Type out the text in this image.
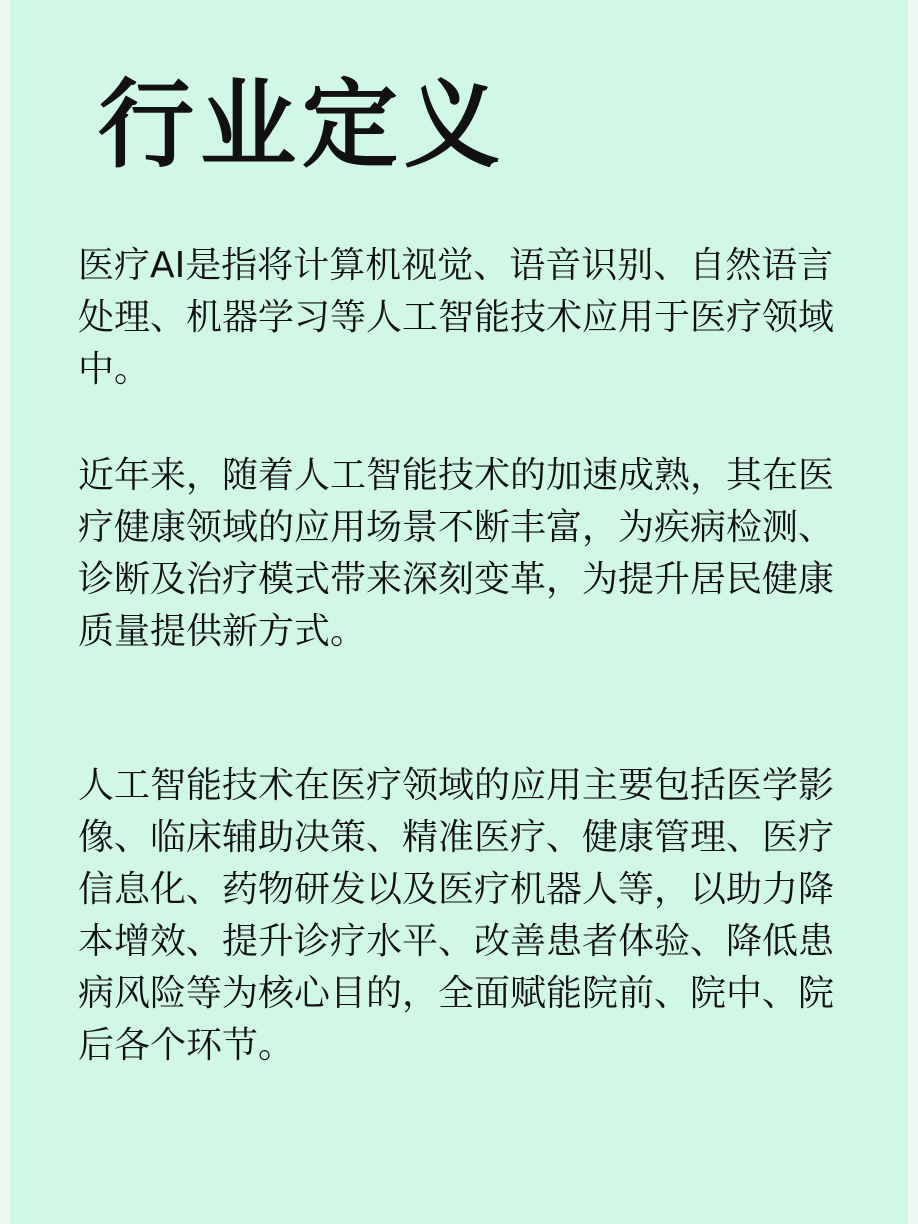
行业定义

医疗AI是指将计算机视觉、语音识别、自然语言处理、机器学习等人工智能技术应用于医疗领域中。

近年来，随着人工智能技术的加速成熟，其在医疗健康领域的应用场景不断丰富，为疾病检测、诊断及治疗模式带来深刻变革，为提升居民健康质量提供新方式。

人工智能技术在医疗领域的应用主要包括医学影像、临床辅助决策、精准医疗、健康管理、医疗信息化、药物研发以及医疗机器人等，以助力降本增效、提升诊疗水平、改善患者体验、降低患病风险等为核心目的，全面赋能院前、院中、院后各个环节。
